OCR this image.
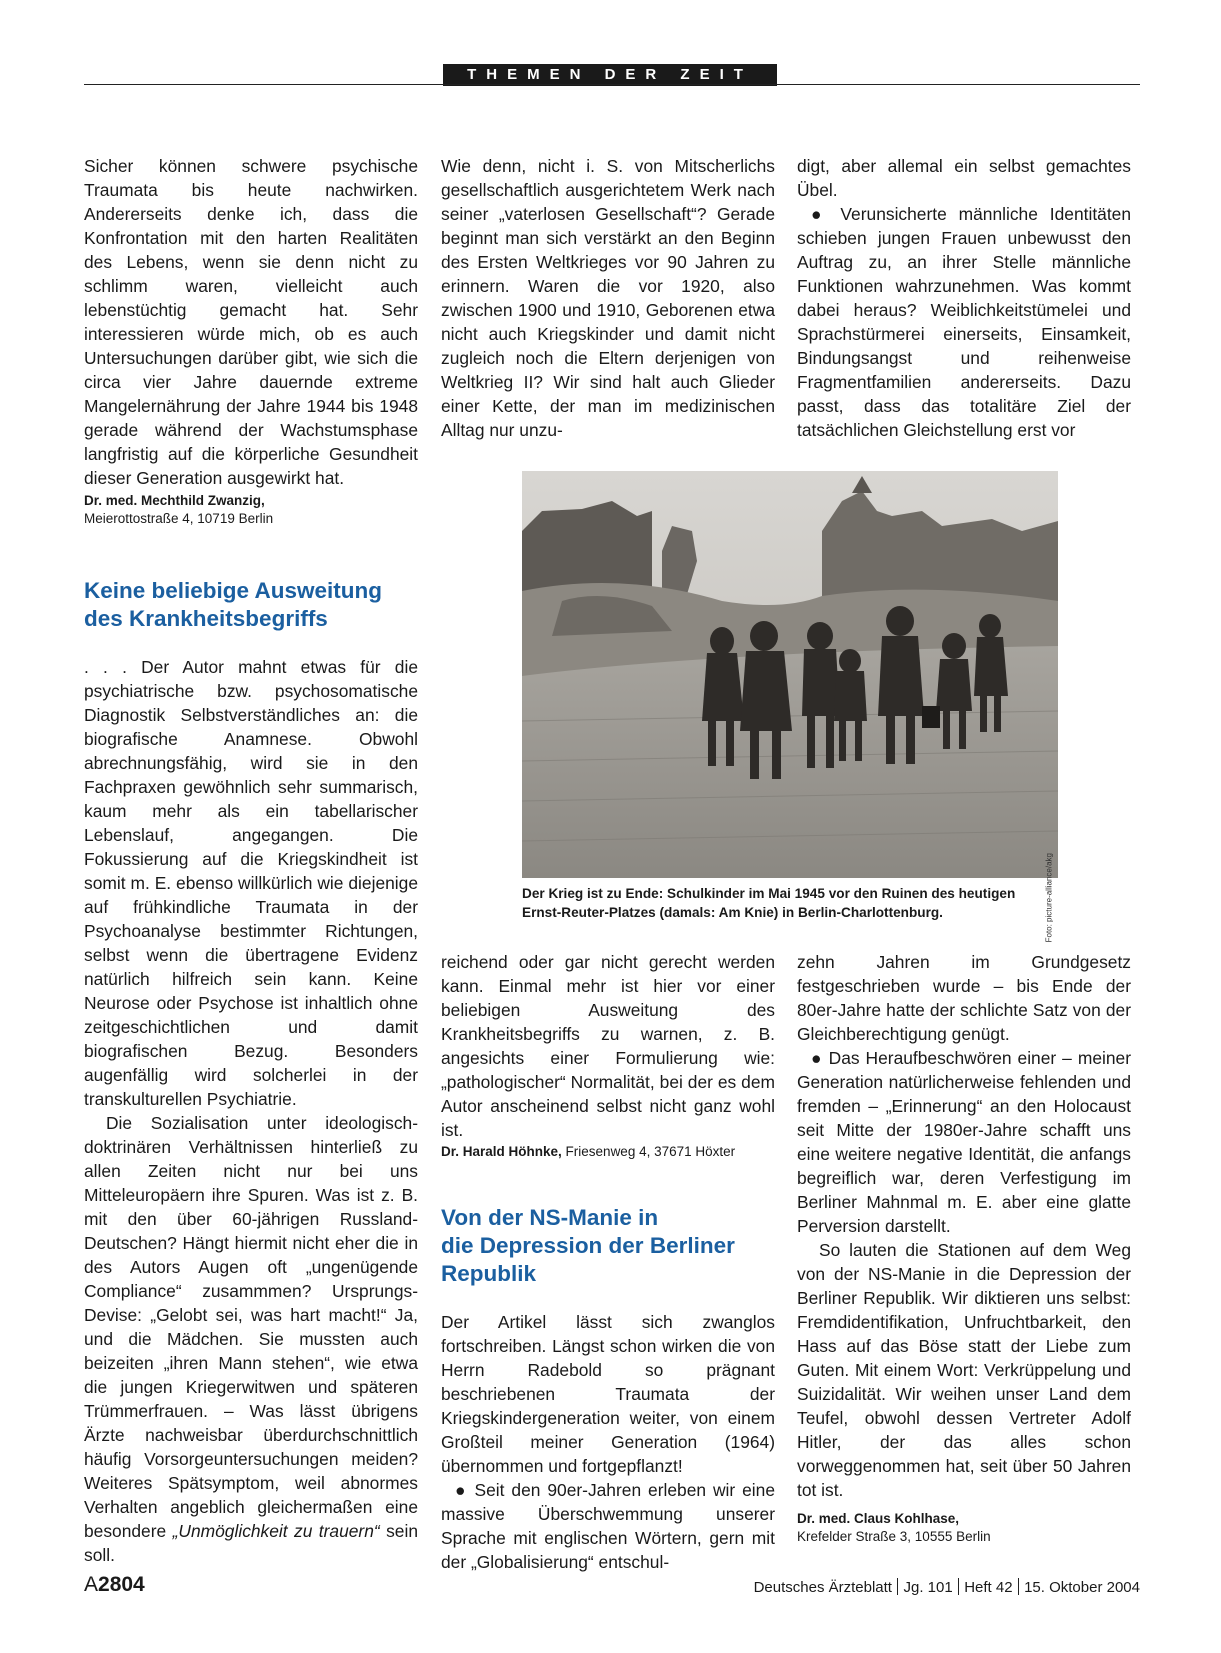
THEMEN DER ZEIT

Sicher können schwere psychische Traumata bis heute nachwirken. Andererseits denke ich, dass die Konfrontation mit den harten Realitäten des Lebens, wenn sie denn nicht zu schlimm waren, vielleicht auch lebenstüchtig gemacht hat. Sehr interessieren würde mich, ob es auch Untersuchungen darüber gibt, wie sich die circa vier Jahre dauernde extreme Mangelernährung der Jahre 1944 bis 1948 gerade während der Wachstumsphase langfristig auf die körperliche Gesundheit dieser Generation ausgewirkt hat.

Dr. med. Mechthild Zwanzig,
Meierottostraße 4, 10719 Berlin
Keine beliebige Ausweitung
des Krankheitsbegriffs

. . . Der Autor mahnt etwas für die psychiatrische bzw. psychosomatische Diagnostik Selbstverständliches an: die biografische Anamnese. Obwohl abrechnungsfähig, wird sie in den Fachpraxen gewöhnlich sehr summarisch, kaum mehr als ein tabellarischer Lebenslauf, angegangen. Die Fokussierung auf die Kriegskindheit ist somit m. E. ebenso willkürlich wie diejenige auf frühkindliche Traumata in der Psychoanalyse bestimmter Richtungen, selbst wenn die übertragene Evidenz natürlich hilfreich sein kann. Keine Neurose oder Psychose ist inhaltlich ohne zeitgeschichtlichen und damit biografischen Bezug. Besonders augenfällig wird solcherlei in der transkulturellen Psychiatrie.

Die Sozialisation unter ideologisch-doktrinären Verhältnissen hinterließ zu allen Zeiten nicht nur bei uns Mitteleuropäern ihre Spuren. Was ist z. B. mit den über 60-jährigen Russland-Deutschen? Hängt hiermit nicht eher die in des Autors Augen oft „ungenügende Compliance“ zusammmen? Ursprungs-Devise: „Gelobt sei, was hart macht!“ Ja, und die Mädchen. Sie mussten auch beizeiten „ihren Mann stehen“, wie etwa die jungen Kriegerwitwen und späteren Trümmerfrauen. – Was lässt übrigens Ärzte nachweisbar überdurchschnittlich häufig Vorsorgeuntersuchungen meiden? Weiteres Spätsymptom, weil abnormes Verhalten angeblich gleichermaßen eine besondere „Unmöglichkeit zu trauern“ sein soll.

Wie denn, nicht i. S. von Mitscherlichs gesellschaftlich ausgerichtetem Werk nach seiner „vaterlosen Gesellschaft“? Gerade beginnt man sich verstärkt an den Beginn des Ersten Weltkrieges vor 90 Jahren zu erinnern. Waren die vor 1920, also zwischen 1900 und 1910, Geborenen etwa nicht auch Kriegskinder und damit nicht zugleich noch die Eltern derjenigen von Weltkrieg II? Wir sind halt auch Glieder einer Kette, der man im medizinischen Alltag nur unzu-

digt, aber allemal ein selbst gemachtes Übel.

● Verunsicherte männliche Identitäten schieben jungen Frauen unbewusst den Auftrag zu, an ihrer Stelle männliche Funktionen wahrzunehmen. Was kommt dabei heraus? Weiblichkeitstümelei und Sprachstürmerei einerseits, Einsamkeit, Bindungsangst und reihenweise Fragmentfamilien andererseits. Dazu passt, dass das totalitäre Ziel der tatsächlichen Gleichstellung erst vor

Foto: picture-alliance/akg
Der Krieg ist zu Ende: Schulkinder im Mai 1945 vor den Ruinen des heutigen Ernst-Reuter-Platzes (damals: Am Knie) in Berlin-Charlottenburg.

reichend oder gar nicht gerecht werden kann. Einmal mehr ist hier vor einer beliebigen Ausweitung des Krankheitsbegriffs zu warnen, z. B. angesichts einer Formulierung wie: „pathologischer“ Normalität, bei der es dem Autor anscheinend selbst nicht ganz wohl ist.

Dr. Harald Höhnke, Friesenweg 4, 37671 Höxter
Von der NS-Manie in
die Depression der Berliner
Republik

Der Artikel lässt sich zwanglos fortschreiben. Längst schon wirken die von Herrn Radebold so prägnant beschriebenen Traumata der Kriegskindergeneration weiter, von einem Großteil meiner Generation (1964) übernommen und fortgepflanzt!

● Seit den 90er-Jahren erleben wir eine massive Überschwemmung unserer Sprache mit englischen Wörtern, gern mit der „Globalisierung“ entschul-

zehn Jahren im Grundgesetz festgeschrieben wurde – bis Ende der 80er-Jahre hatte der schlichte Satz von der Gleichberechtigung genügt.

● Das Heraufbeschwören einer – meiner Generation natürlicherweise fehlenden und fremden – „Erinnerung“ an den Holocaust seit Mitte der 1980er-Jahre schafft uns eine weitere negative Identität, die anfangs begreiflich war, deren Verfestigung im Berliner Mahnmal m. E. aber eine glatte Perversion darstellt.

So lauten die Stationen auf dem Weg von der NS-Manie in die Depression der Berliner Republik. Wir diktieren uns selbst: Fremdidentifikation, Unfruchtbarkeit, den Hass auf das Böse statt der Liebe zum Guten. Mit einem Wort: Verkrüppelung und Suizidalität. Wir weihen unser Land dem Teufel, obwohl dessen Vertreter Adolf Hitler, der das alles schon vorweggenommen hat, seit über 50 Jahren tot ist.

Dr. med. Claus Kohlhase,
Krefelder Straße 3, 10555 Berlin
A2804	Deutsches Ärzteblatt Jg. 101 Heft 42 15. Oktober 2004
